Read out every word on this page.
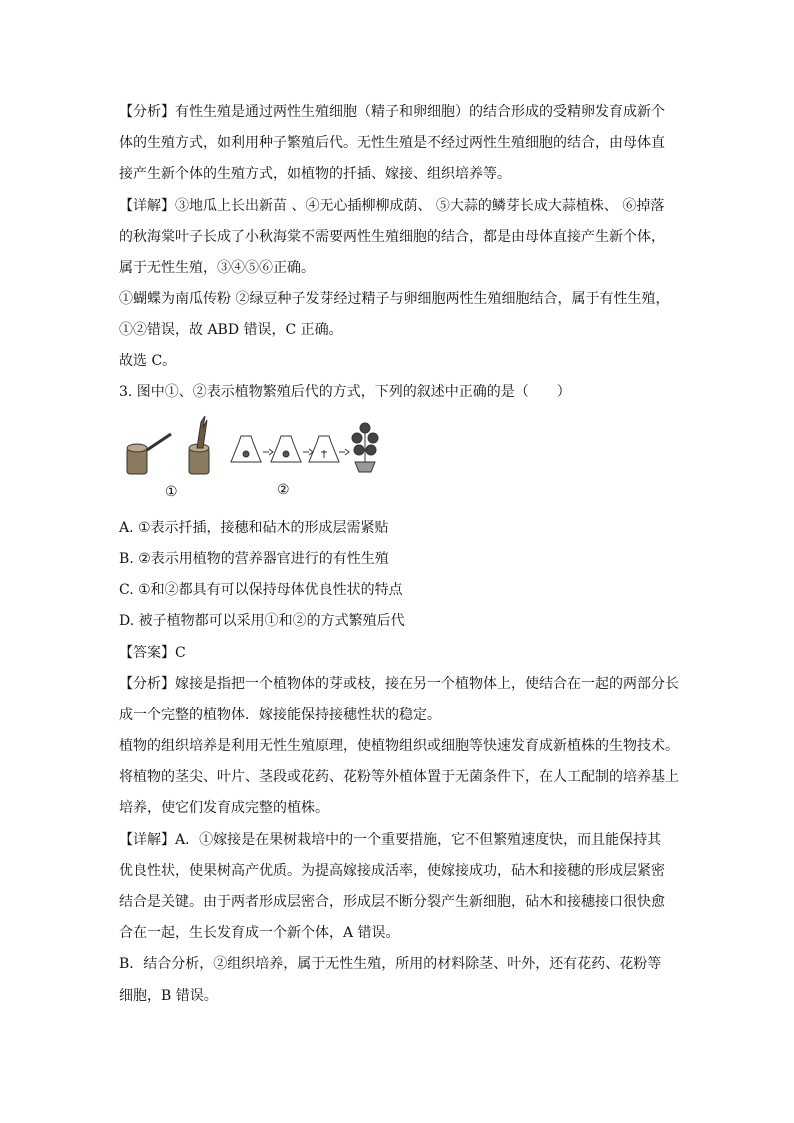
【分析】有性生殖是通过两性生殖细胞（精子和卵细胞）的结合形成的受精卵发育成新个
体的生殖方式，如利用种子繁殖后代。无性生殖是不经过两性生殖细胞的结合，由母体直
接产生新个体的生殖方式，如植物的扦插、嫁接、组织培养等。
【详解】③地瓜上长出新苗 、④无心插柳柳成荫、 ⑤大蒜的鳞芽长成大蒜植株、 ⑥掉落
的秋海棠叶子长成了小秋海棠不需要两性生殖细胞的结合，都是由母体直接产生新个体，
属于无性生殖，③④⑤⑥正确。
①蝴蝶为南瓜传粉 ②绿豆种子发芽经过精子与卵细胞两性生殖细胞结合，属于有性生殖，
①②错误，故 ABD 错误，C 正确。
故选 C。
3. 图中①、②表示植物繁殖后代的方式，下列的叙述中正确的是（　　）
①	②
A. ①表示扦插，接穗和砧木的形成层需紧贴
B. ②表示用植物的营养器官进行的有性生殖
C. ①和②都具有可以保持母体优良性状的特点
D. 被子植物都可以采用①和②的方式繁殖后代
【答案】C
【分析】嫁接是指把一个植物体的芽或枝，接在另一个植物体上，使结合在一起的两部分长
成一个完整的植物体．嫁接能保持接穗性状的稳定。
植物的组织培养是利用无性生殖原理，使植物组织或细胞等快速发育成新植株的生物技术。
将植物的茎尖、叶片、茎段或花药、花粉等外植体置于无菌条件下，在人工配制的培养基上
培养，使它们发育成完整的植株。
【详解】A．①嫁接是在果树栽培中的一个重要措施，它不但繁殖速度快，而且能保持其
优良性状，使果树高产优质。为提高嫁接成活率，使嫁接成功，砧木和接穗的形成层紧密
结合是关键。由于两者形成层密合，形成层不断分裂产生新细胞，砧木和接穗接口很快愈
合在一起，生长发育成一个新个体，A 错误。
B．结合分析，②组织培养，属于无性生殖，所用的材料除茎、叶外，还有花药、花粉等
细胞，B 错误。
